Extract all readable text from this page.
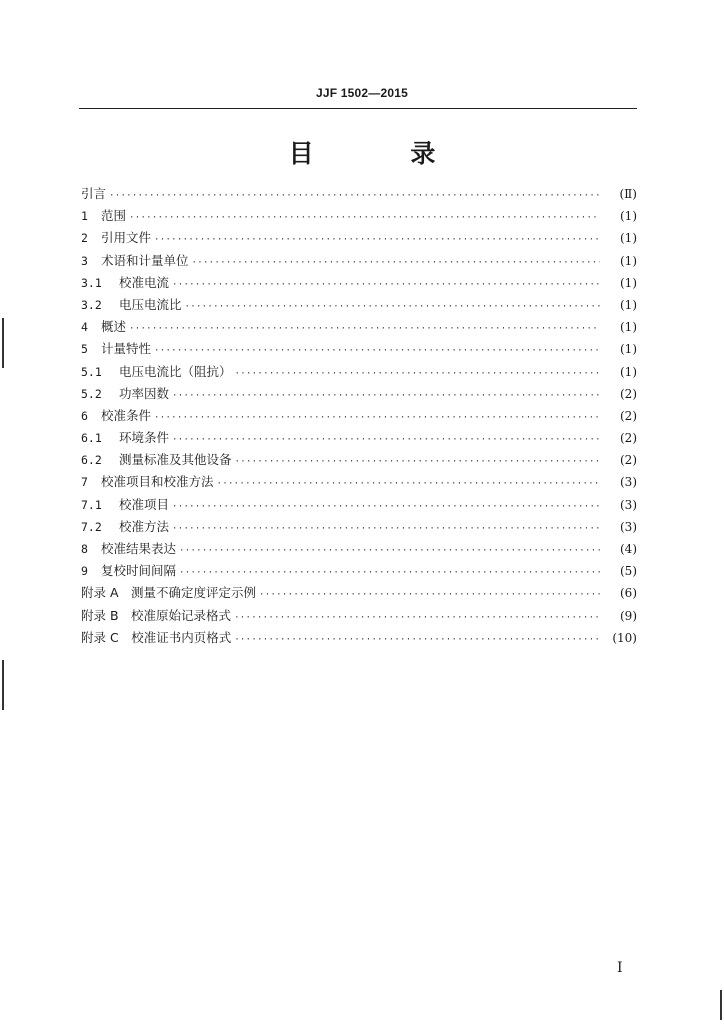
JJF 1502—2015
目 录
引言 ·····	(Ⅱ)
1	范围 ·····	(1)
2	引用文件 ·····	(1)
3	术语和计量单位 ·····	(1)
3.1	校准电流 ·····	(1)
3.2	电压电流比 ·····	(1)
4	概述 ·····	(1)
5	计量特性 ·····	(1)
5.1	电压电流比（阻抗） ·····	(1)
5.2	功率因数 ·····	(2)
6	校准条件 ·····	(2)
6.1	环境条件 ·····	(2)
6.2	测量标准及其他设备 ·····	(2)
7	校准项目和校准方法 ·····	(3)
7.1	校准项目 ·····	(3)
7.2	校准方法 ·····	(3)
8	校准结果表达 ·····	(4)
9	复校时间间隔 ·····	(5)
附录 A　测量不确定度评定示例 ·····	(6)
附录 B　校准原始记录格式 ·····	(9)
附录 C　校准证书内页格式 ·····	(10)
I
